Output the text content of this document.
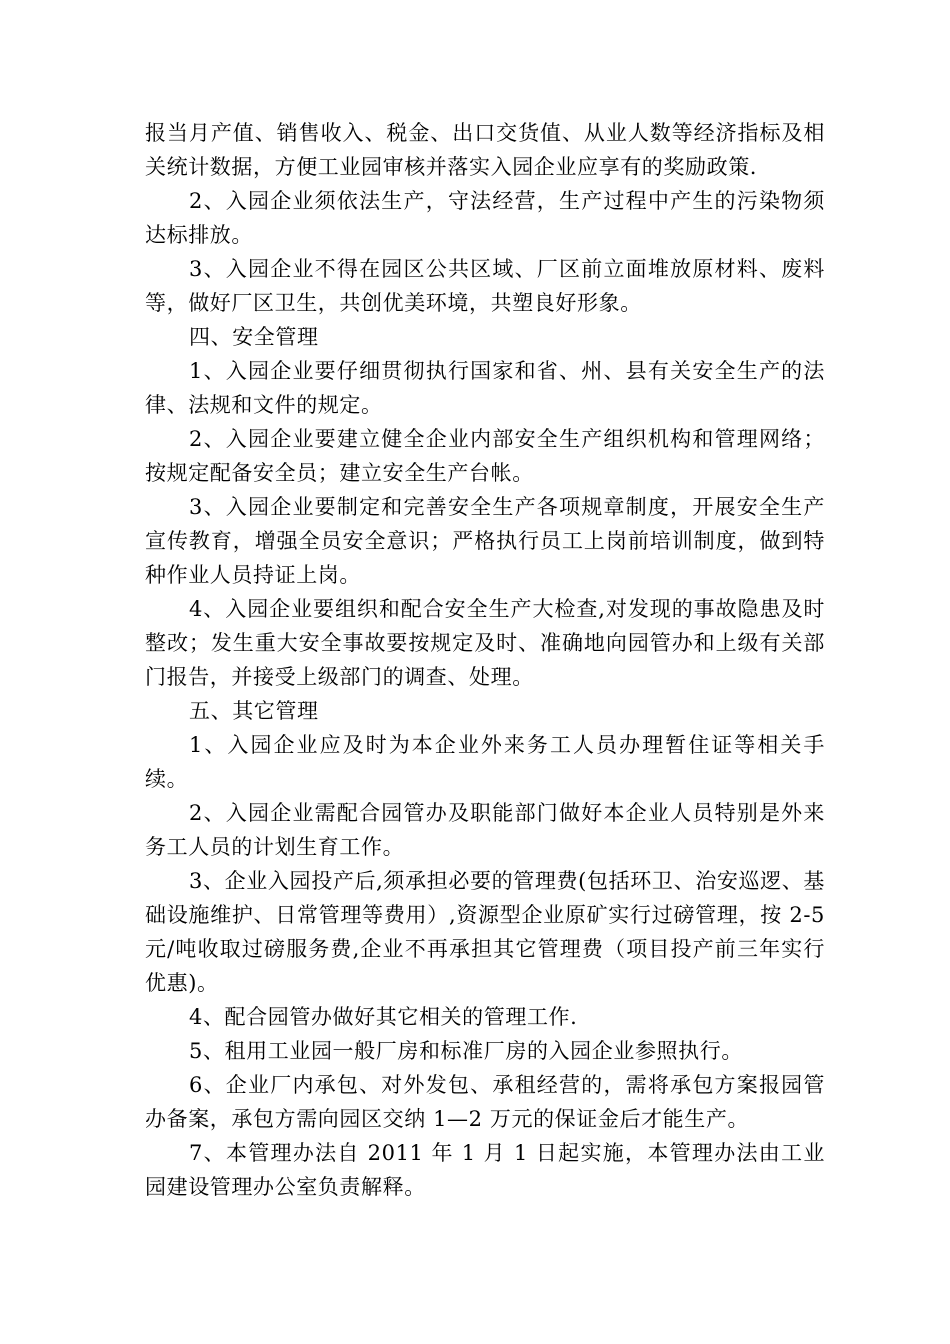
报当月产值、销售收入、税金、出口交货值、从业人数等经济指标及相关统计数据，方便工业园审核并落实入园企业应享有的奖励政策.

2、入园企业须依法生产，守法经营，生产过程中产生的污染物须达标排放。

3、入园企业不得在园区公共区域、厂区前立面堆放原材料、废料等，做好厂区卫生，共创优美环境，共塑良好形象。

四、安全管理

1、入园企业要仔细贯彻执行国家和省、州、县有关安全生产的法律、法规和文件的规定。

2、入园企业要建立健全企业内部安全生产组织机构和管理网络；按规定配备安全员；建立安全生产台帐。

3、入园企业要制定和完善安全生产各项规章制度，开展安全生产宣传教育，增强全员安全意识；严格执行员工上岗前培训制度，做到特种作业人员持证上岗。

4、入园企业要组织和配合安全生产大检查,对发现的事故隐患及时整改；发生重大安全事故要按规定及时、准确地向园管办和上级有关部门报告，并接受上级部门的调查、处理。

五、其它管理

1、入园企业应及时为本企业外来务工人员办理暂住证等相关手续。

2、入园企业需配合园管办及职能部门做好本企业人员特别是外来务工人员的计划生育工作。

3、企业入园投产后,须承担必要的管理费(包括环卫、治安巡逻、基础设施维护、日常管理等费用）,资源型企业原矿实行过磅管理，按 2-5 元/吨收取过磅服务费,企业不再承担其它管理费（项目投产前三年实行优惠)。

4、配合园管办做好其它相关的管理工作.

5、租用工业园一般厂房和标准厂房的入园企业参照执行。

6、企业厂内承包、对外发包、承租经营的，需将承包方案报园管办备案，承包方需向园区交纳 1—2 万元的保证金后才能生产。

7、本管理办法自 2011 年 1 月 1 日起实施，本管理办法由工业园建设管理办公室负责解释。
